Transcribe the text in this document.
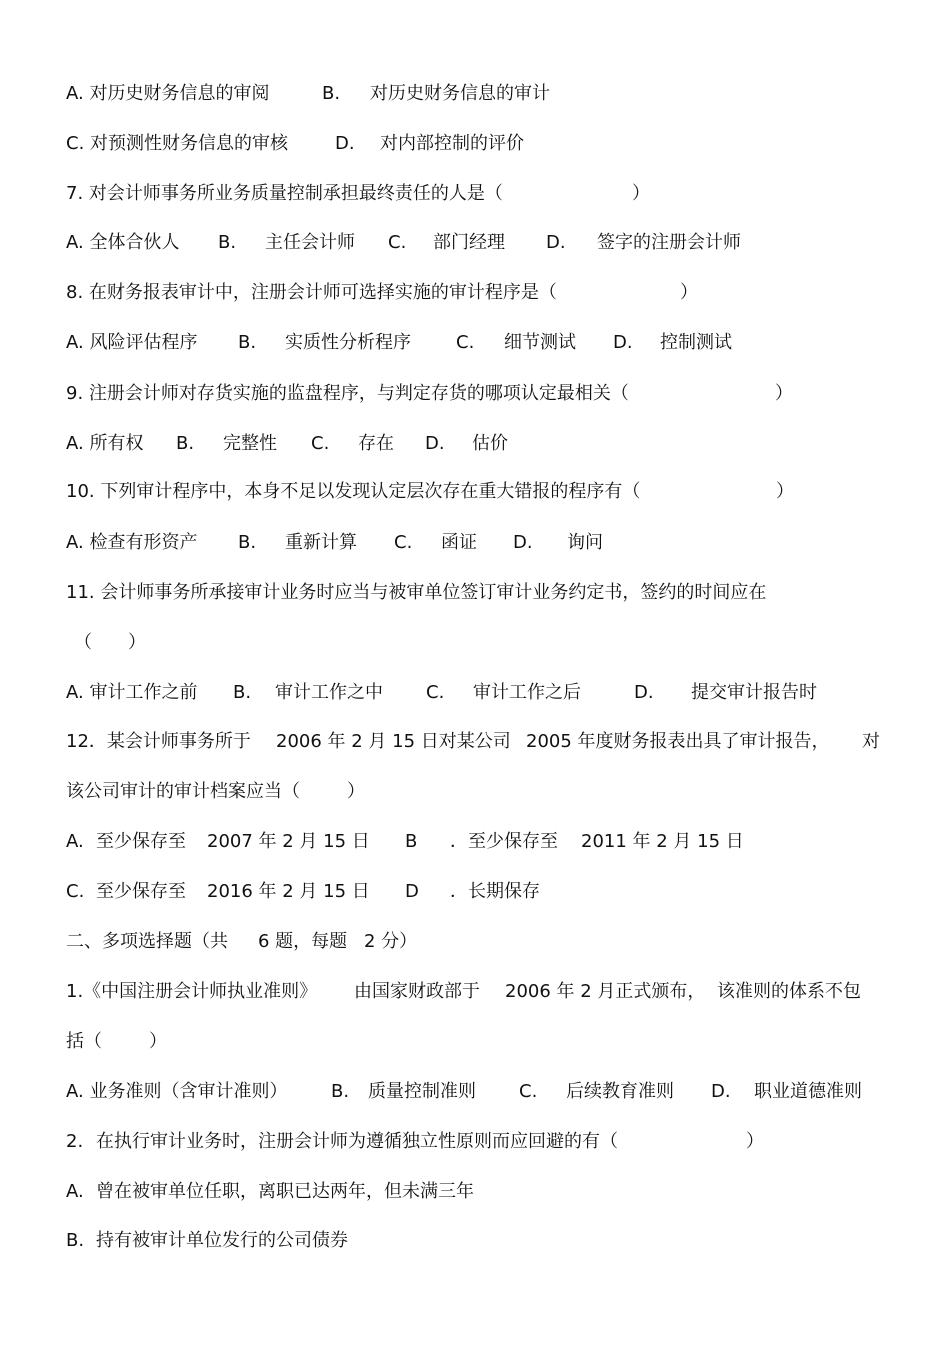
A. 对历史财务信息的审阅	B. 对历史财务信息的审计
C. 对预测性财务信息的审核	D. 对内部控制的评价
7. 对会计师事务所业务质量控制承担最终责任的人是（	）
A. 全体合伙人 B. 主任会计师 C. 部门经理 D. 签字的注册会计师
8. 在财务报表审计中，注册会计师可选择实施的审计程序是（	）
A. 风险评估程序 B. 实质性分析程序	C. 细节测试 D. 控制测试
9. 注册会计师对存货实施的监盘程序，与判定存货的哪项认定最相关（	）
A. 所有权 B. 完整性 C. 存在 D. 估价
10. 下列审计程序中，本身不足以发现认定层次存在重大错报的程序有（	）
A. 检查有形资产 B. 重新计算 C. 函证 D. 询问
11. 会计师事务所承接审计业务时应当与被审单位签订审计业务约定书，签约的时间应在
（ ）
A. 审计工作之前 B. 审计工作之中 C. 审计工作之后	D. 提交审计报告时
12．某会计师事务所于 2006 年 2 月 15 日对某公司 2005 年度财务报表出具了审计报告， 对
该公司审计的审计档案应当（	）
A. 至少保存至 2007 年 2 月 15 日 B ．至少保存至 2011 年 2 月 15 日
C. 至少保存至 2016 年 2 月 15 日 D ．长期保存
二、多项选择题（共 6 题，每题 2 分）
1.《中国注册会计师执业准则》 由国家财政部于 2006 年 2 月正式颁布， 该准则的体系不包
括（	）
A. 业务准则（含审计准则） B. 质量控制准则 C. 后续教育准则 D. 职业道德准则
2. 在执行审计业务时，注册会计师为遵循独立性原则而应回避的有（	）
A. 曾在被审单位任职，离职已达两年，但未满三年
B. 持有被审计单位发行的公司债券
